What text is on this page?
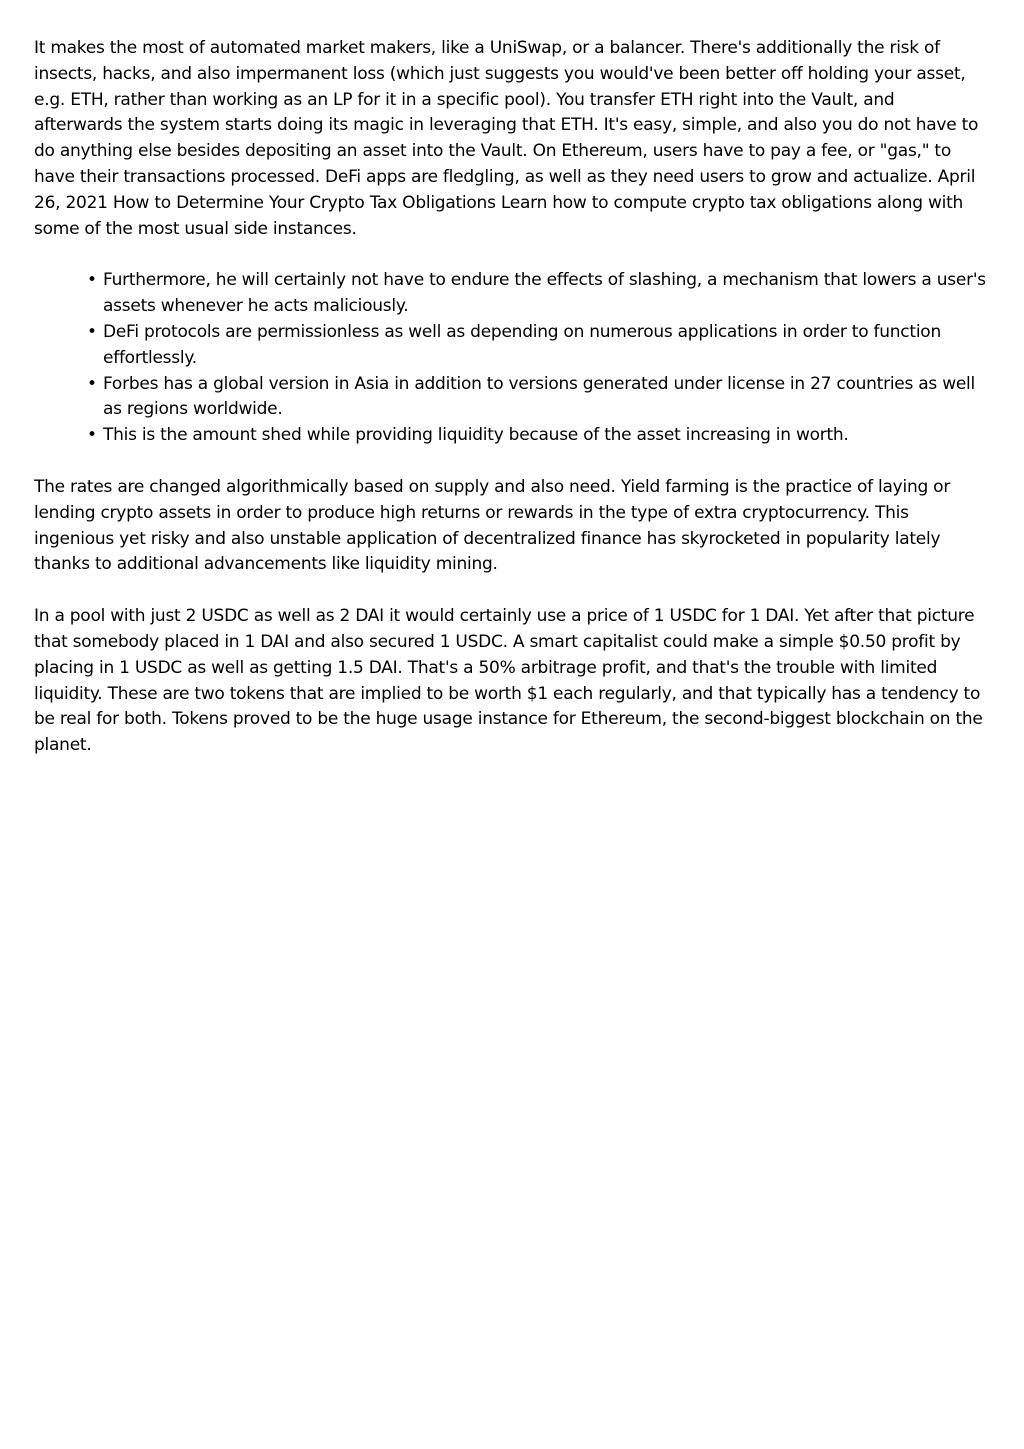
It makes the most of automated market makers, like a UniSwap, or a balancer. There's additionally the risk of insects, hacks, and also impermanent loss (which just suggests you would've been better off holding your asset, e.g. ETH, rather than working as an LP for it in a specific pool). You transfer ETH right into the Vault, and afterwards the system starts doing its magic in leveraging that ETH. It's easy, simple, and also you do not have to do anything else besides depositing an asset into the Vault. On Ethereum, users have to pay a fee, or "gas," to have their transactions processed. DeFi apps are fledgling, as well as they need users to grow and actualize. April 26, 2021 How to Determine Your Crypto Tax Obligations Learn how to compute crypto tax obligations along with some of the most usual side instances.

• Furthermore, he will certainly not have to endure the effects of slashing, a mechanism that lowers a user's assets whenever he acts maliciously.
• DeFi protocols are permissionless as well as depending on numerous applications in order to function effortlessly.
• Forbes has a global version in Asia in addition to versions generated under license in 27 countries as well as regions worldwide.
• This is the amount shed while providing liquidity because of the asset increasing in worth.

The rates are changed algorithmically based on supply and also need. Yield farming is the practice of laying or lending crypto assets in order to produce high returns or rewards in the type of extra cryptocurrency. This ingenious yet risky and also unstable application of decentralized finance has skyrocketed in popularity lately thanks to additional advancements like liquidity mining.

In a pool with just 2 USDC as well as 2 DAI it would certainly use a price of 1 USDC for 1 DAI. Yet after that picture that somebody placed in 1 DAI and also secured 1 USDC. A smart capitalist could make a simple $0.50 profit by placing in 1 USDC as well as getting 1.5 DAI. That's a 50% arbitrage profit, and that's the trouble with limited liquidity. These are two tokens that are implied to be worth $1 each regularly, and that typically has a tendency to be real for both. Tokens proved to be the huge usage instance for Ethereum, the second-biggest blockchain on the planet.
